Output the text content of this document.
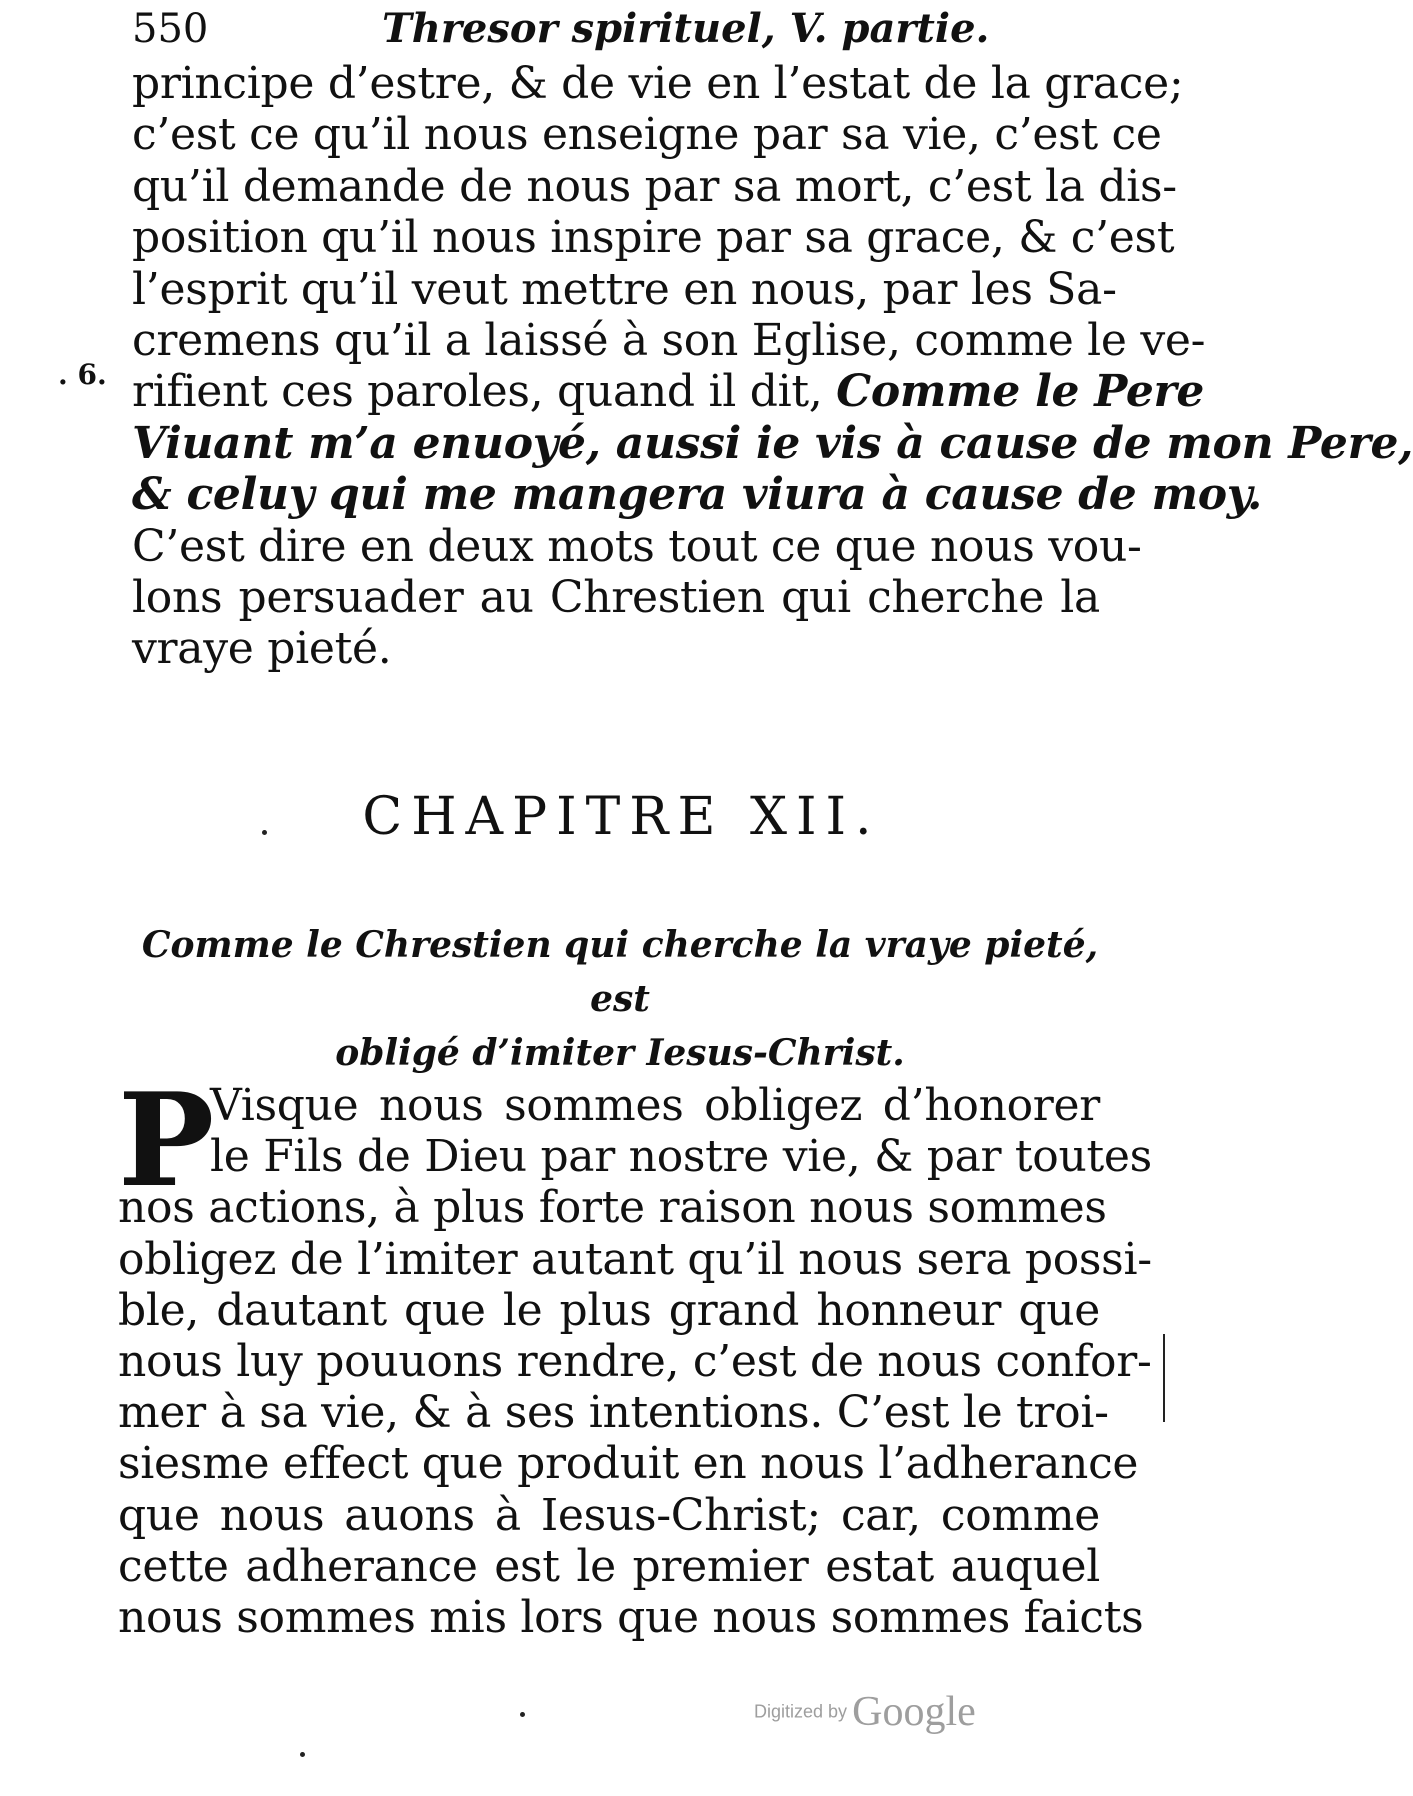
550	Thresor spirituel, V. partie.
. 6.
principe d’estre, & de vie en l’estat de la grace;
c’est ce qu’il nous enseigne par sa vie, c’est ce
qu’il demande de nous par sa mort, c’est la dis-
position qu’il nous inspire par sa grace, & c’est
l’esprit qu’il veut mettre en nous, par les Sa-
cremens qu’il a laissé à son Eglise, comme le ve-
rifient ces paroles, quand il dit, Comme le Pere
Viuant m’a enuoyé, aussi ie vis à cause de mon Pere,
& celuy qui me mangera viura à cause de moy.
C’est dire en deux mots tout ce que nous vou-
lons persuader au Chrestien qui cherche la
vraye pieté.
CHAPITRE XII.
Comme le Chrestien qui cherche la vraye pieté, est
obligé d’imiter Iesus-Christ.
P
Visque nous sommes obligez d’honorer
le Fils de Dieu par nostre vie, & par toutes
nos actions, à plus forte raison nous sommes
obligez de l’imiter autant qu’il nous sera possi-
ble, dautant que le plus grand honneur que
nous luy pouuons rendre, c’est de nous confor-
mer à sa vie, & à ses intentions. C’est le troi-
siesme effect que produit en nous l’adherance
que nous auons à Iesus-Christ; car, comme
cette adherance est le premier estat auquel
nous sommes mis lors que nous sommes faicts
Digitized by Google
